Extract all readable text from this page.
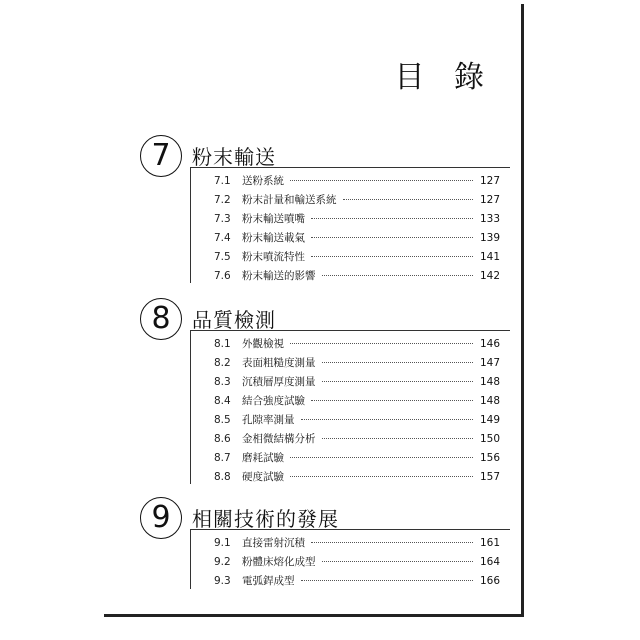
目 錄
7	粉末輸送
7.1	送粉系統	127
7.2	粉末計量和輸送系統	127
7.3	粉末輸送噴嘴	133
7.4	粉末輸送載氣	139
7.5	粉末噴流特性	141
7.6	粉末輸送的影響	142
8	品質檢測
8.1	外觀檢視	146
8.2	表面粗糙度測量	147
8.3	沉積層厚度測量	148
8.4	結合強度試驗	148
8.5	孔隙率測量	149
8.6	金相微結構分析	150
8.7	磨耗試驗	156
8.8	硬度試驗	157
9	相關技術的發展
9.1	直接雷射沉積	161
9.2	粉體床熔化成型	164
9.3	電弧銲成型	166
